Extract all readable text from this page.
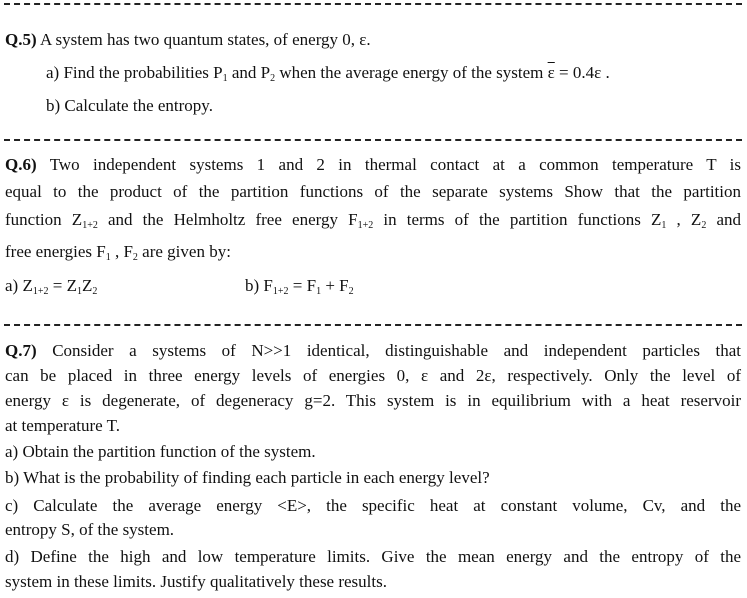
Q.5) A system has two quantum states, of energy 0, ε.
a) Find the probabilities $P_1$ and $P_2$ when the average energy of the system $\overline{\varepsilon} = 0.4\varepsilon$ .
b) Calculate the entropy.
Q.6) Two independent systems 1 and 2 in thermal contact at a common temperature T is
equal to the product of the partition functions of the separate systems Show that the partition
function $Z_{1+2}$ and the Helmholtz free energy $F_{1+2}$ in terms of the partition functions $Z_1$ , $Z_2$ and
free energies $F_1$ , $F_2$ are given by:
a) $Z_{1+2} = Z_1Z_2$	b) $F_{1+2} = F_1 + F_2$
Q.7) Consider a systems of N>>1 identical, distinguishable and independent particles that
can be placed in three energy levels of energies 0, ε and 2ε, respectively. Only the level of
energy ε is degenerate, of degeneracy g=2. This system is in equilibrium with a heat reservoir
at temperature T.
a) Obtain the partition function of the system.
b) What is the probability of finding each particle in each energy level?
c) Calculate the average energy <E>, the specific heat at constant volume, Cv, and the
entropy S, of the system.
d) Define the high and low temperature limits. Give the mean energy and the entropy of the
system in these limits. Justify qualitatively these results.
